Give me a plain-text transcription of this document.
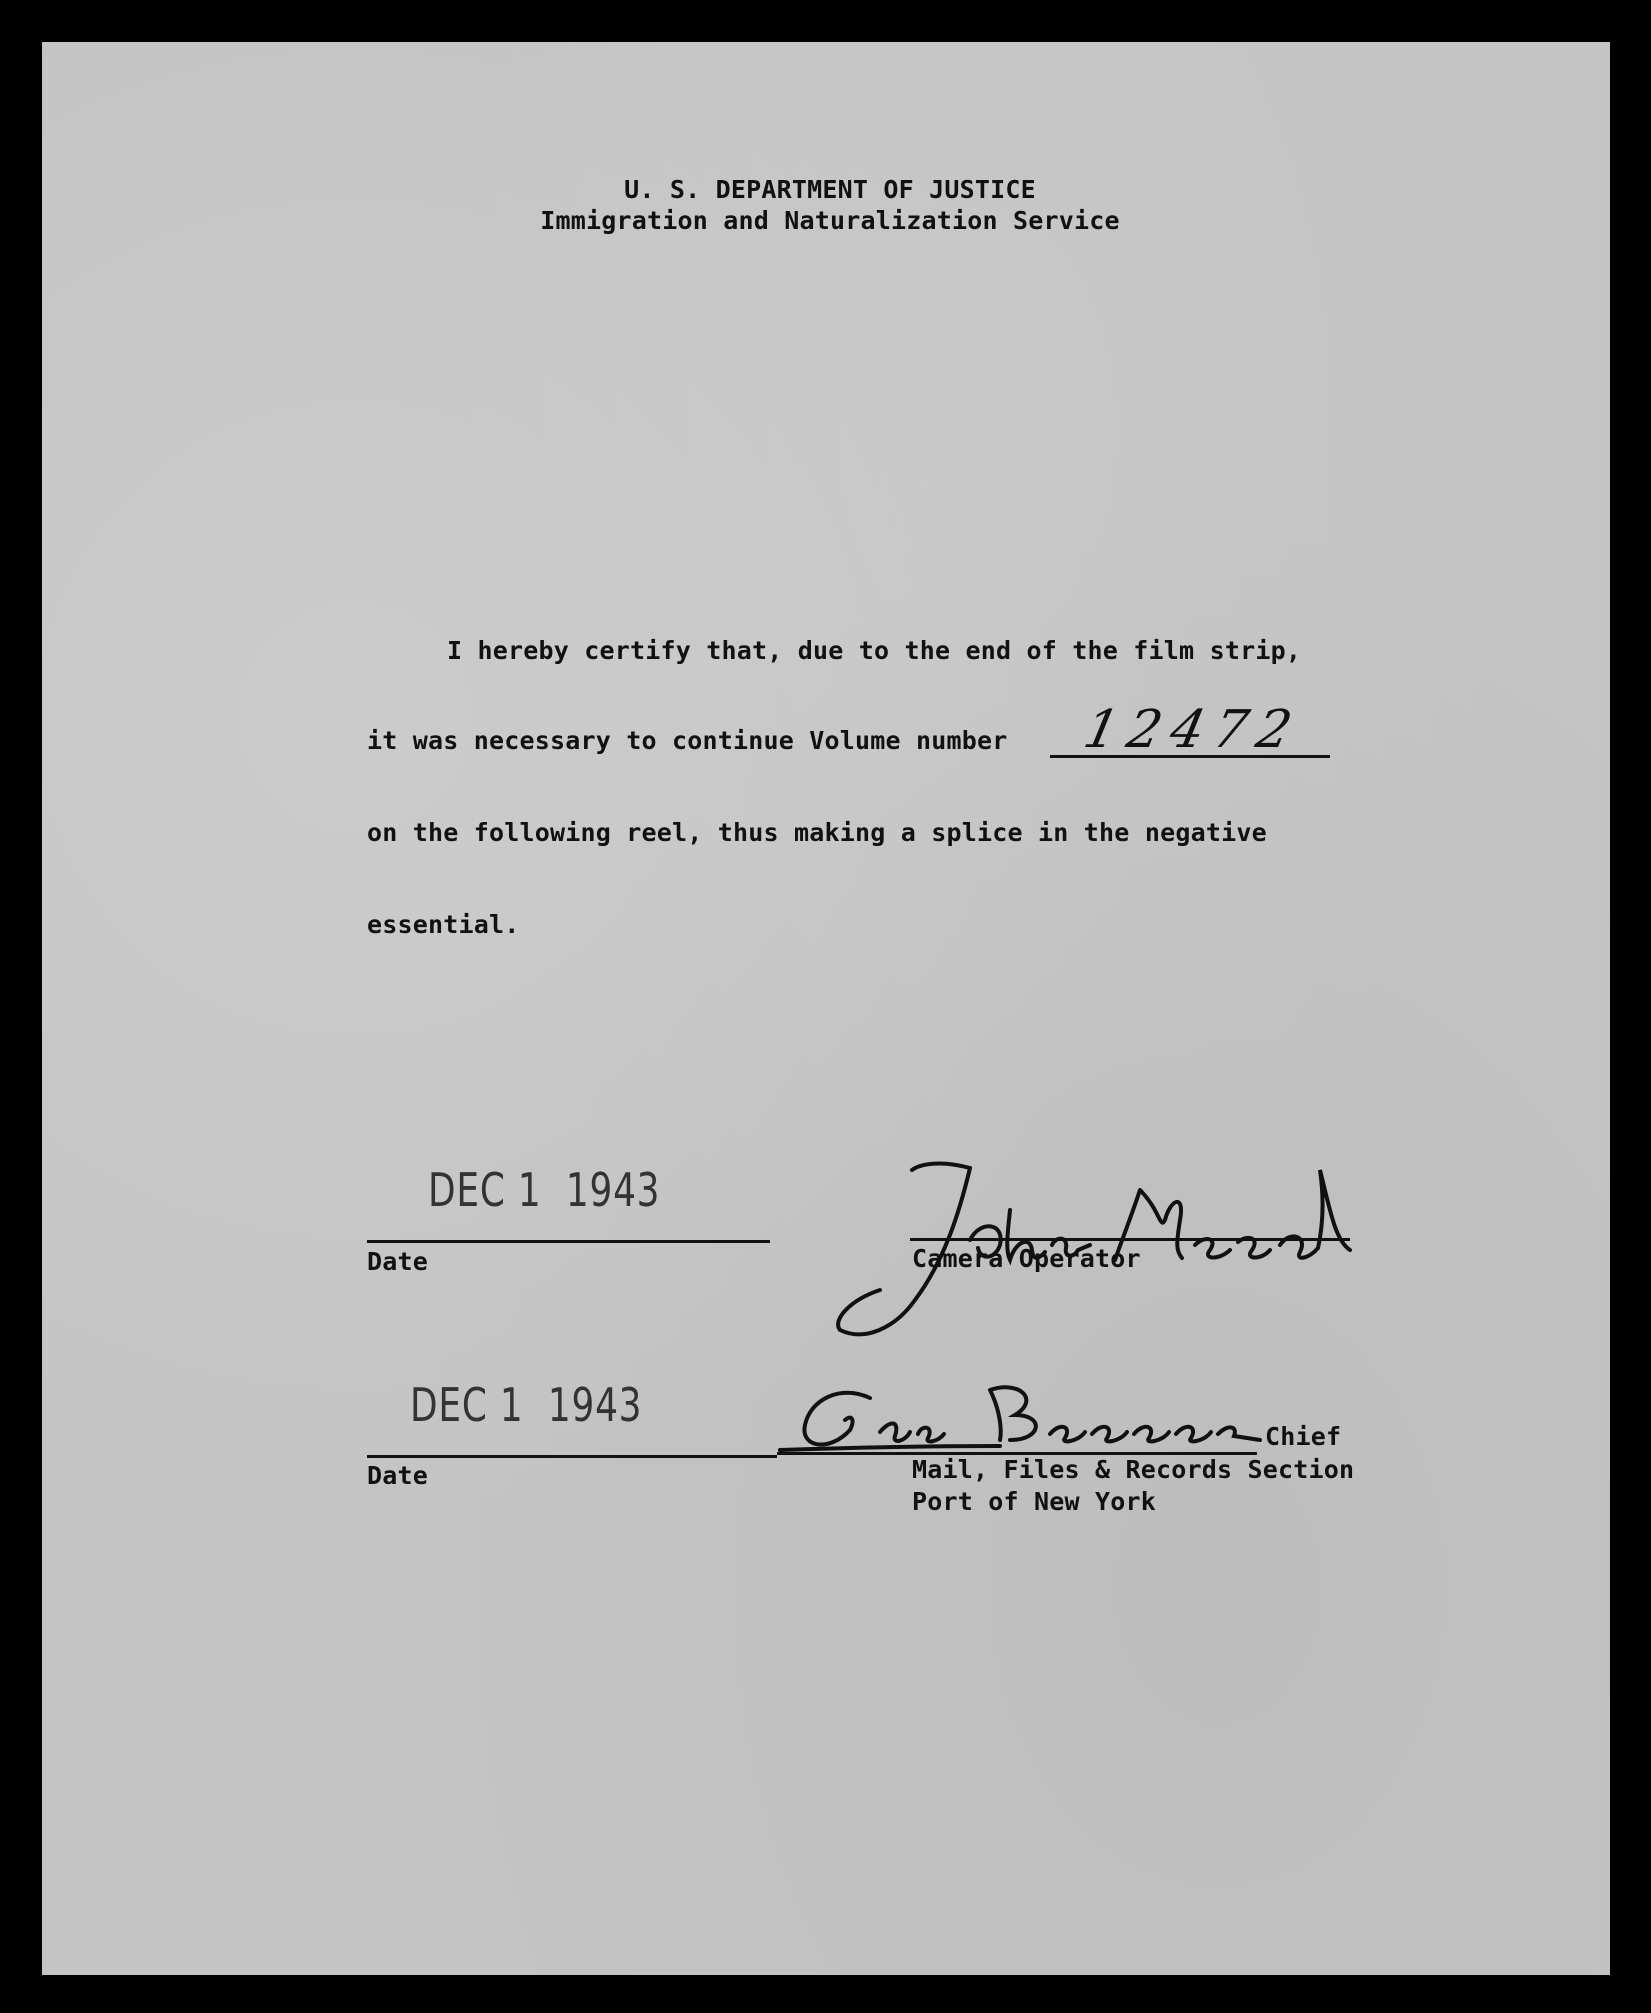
U. S. DEPARTMENT OF JUSTICE
Immigration and Naturalization Service
I hereby certify that, due to the end of the film strip,
it was necessary to continue Volume number 12472
on the following reel, thus making a splice in the negative
essential.
DEC 1  1943
Date	Camera Operator
DEC 1  1943
Date
Chief
Mail, Files & Records Section
Port of New York
